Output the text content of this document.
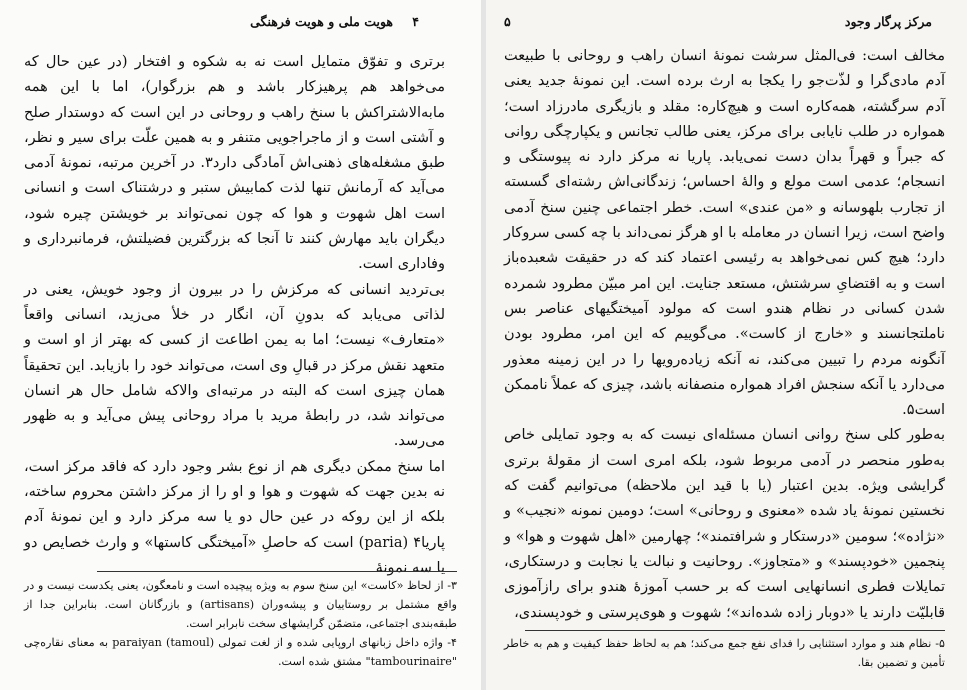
۴
هویت ملی و هویت فرهنگی

برتری و تفوّق متمایل است نه به شکوه و افتخار (در عین حال که می‌خواهد هم پرهیزکار باشد و هم بزرگوار)، اما با این همه مابه‌الاشتراکش با سنخ راهب و روحانی در این است که دوستدار صلح و آشتی است و از ماجراجویی متنفر و به همین علّت برای سیر و نظر، طبق مشغله‌های ذهنی‌اش آمادگی دارد۳. در آخرین مرتبه، نمونهٔ آدمی می‌آید که آرمانش تنها لذت کمابیش ستبر و درشتناک است و انسانی است اهل شهوت و هوا که چون نمی‌تواند بر خویشتن چیره شود، دیگران باید مهارش کنند تا آنجا که بزرگترین فضیلتش، فرمانبرداری و وفاداری است.

بی‌تردید انسانی که مرکزش را در بیرون از وجود خویش، یعنی در لذاتی می‌یابد که بدونِ آن، انگار در خلأ می‌زید، انسانی واقعاً «متعارف» نیست؛ اما به یمن اطاعت از کسی که بهتر از او است و متعهد نقش مرکز در قبالِ وی است، می‌تواند خود را بازیابد. این تحقیقاً همان چیزی است که البته در مرتبه‌ای والاکه شامل حال هر انسان می‌تواند شد، در رابطهٔ مرید با مراد روحانی پیش می‌آید و به ظهور می‌رسد.

اما سنخ ممکن دیگری هم از نوع بشر وجود دارد که فاقد مرکز است، نه بدین جهت که شهوت و هوا و او را از مرکز داشتن محروم ساخته، بلکه از این روکه در عین حال دو یا سه مرکز دارد و این نمونهٔ آدم پاریا۴ (paria) است که حاصلِ «آمیختگی کاستها» و وارث خصایص دو یا سه نمونهٔ

۳- از لحاظ «کاست» این سنخ سوم به ویژه پیچیده است و نامعگون، یعنی یکدست نیست و در واقع مشتمل بر روستاییان و پیشه‌وران (artisans) و بازرگانان است. بنابراین جدا از طبقه‌بندی اجتماعی، متضمّن گرایشهای سخت نابرابر است.

۴- واژه داخل زبانهای اروپایی شده و از لغت تمولی (tamoul) paraiyan به معنای نقاره‌چی "tambourinaire" مشتق شده است.

مرکز پرگار وجود
۵

مخالف است: فی‌المثل سرشت نمونهٔ انسان راهب و روحانی با طبیعت آدم مادی‌گرا و لذّت‌جو را یکجا به ارث برده است. این نمونهٔ جدید یعنی آدم سرگشته، همه‌کاره است و هیچ‌کاره: مقلد و بازیگری مادرزاد است؛ همواره در طلب نایابی برای مرکز، یعنی طالب تجانس و یکپارچگی روانی که جبراً و قهراً بدان دست نمی‌یابد. پاریا نه مرکز دارد نه پیوستگی و انسجام؛ عدمی است مولع و والهٔ احساس؛ زندگانی‌اش رشته‌ای گسسته از تجارب بلهوسانه و «من عندی» است. خطر اجتماعی چنین سنخ آدمی واضح است، زیرا انسان در معامله با او هرگز نمی‌داند با چه کسی سروکار دارد؛ هیچ کس نمی‌خواهد به رئیسی اعتماد کند که در حقیقت شعبده‌باز است و به اقتضایِ سرشتش، مستعد جنایت. این امر مبیّن مطرود شمرده شدن کسانی در نظام هندو است که مولود آمیختگیهای عناصر بس ناملتجانسند و «خارج از کاست». می‌گوییم که این امر، مطرود بودن آنگونه مردم را تبیین می‌کند، نه آنکه زیاده‌رویها را در این زمینه معذور می‌دارد یا آنکه سنجش افراد همواره منصفانه باشد، چیزی که عملاً ناممکن است۵.

به‌طور کلی سنخ روانی انسان مسئله‌ای نیست که به وجود تمایلی خاص به‌طور منحصر در آدمی مربوط شود، بلکه امری است از مقولهٔ برتری گرایشی ویژه. بدین اعتبار (یا با قید این ملاحظه) می‌توانیم گفت که نخستین نمونهٔ یاد شده «معنوی و روحانی» است؛ دومین نمونه «نجیب» و «نژاده»؛ سومین «درستکار و شرافتمند»؛ چهارمین «اهل شهوت و هوا» و پنجمین «خودپسند» و «متجاوز». روحانیت و نبالت یا نجابت و درستکاری، تمایلات فطری انسانهایی است که بر حسب آموزهٔ هندو برای رازآموزی قابلیّت دارند یا «دوبار زاده شده‌اند»؛ شهوت و هوی‌پرستی و خودپسندی،

۵- نظام هند و موارد استثنایی را فدای نفع جمع می‌کند؛ هم به لحاظ حفظ کیفیت و هم به خاطر تأمین و تضمین بقا.
